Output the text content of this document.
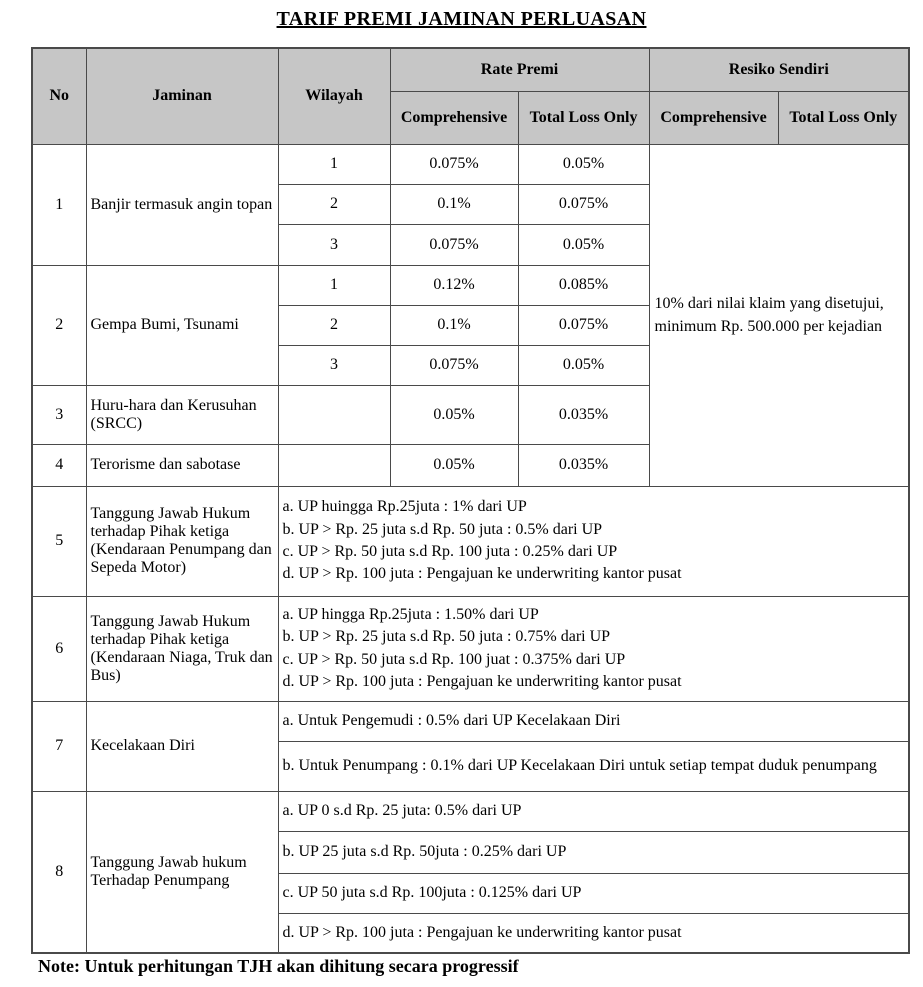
TARIF PREMI JAMINAN PERLUASAN
No	Jaminan	Wilayah	Rate Premi		Resiko Sendiri	
			Comprehensive	Total Loss Only	Comprehensive	Total Loss Only
1	Banjir termasuk angin topan	1	0.075%	0.05%	10% dari nilai klaim yang disetujui, minimum Rp. 500.000 per kejadian	

		2	0.1%	0.075%		
		3	0.075%	0.05%		
2	Gempa Bumi, Tsunami	1	0.12%	0.085%		
		2	0.1%	0.075%		
		3	0.075%	0.05%		
3	Huru-hara dan Kerusuhan (SRCC)		0.05%	0.035%		
4	Terorisme dan sabotase		0.05%	0.035%		
5	Tanggung Jawab Hukum terhadap Pihak ketiga (Kendaraan Penumpang dan Sepeda Motor)	a. UP huingga Rp.25juta : 1% dari UP
b. UP > Rp. 25 juta s.d Rp. 50 juta : 0.5% dari UP
c. UP > Rp. 50 juta s.d Rp. 100 juta : 0.25% dari UP
d. UP > Rp. 100 juta : Pengajuan ke underwriting kantor pusat				

6	Tanggung Jawab Hukum terhadap Pihak ketiga (Kendaraan Niaga, Truk dan Bus)	a. UP hingga Rp.25juta : 1.50% dari UP
b. UP > Rp. 25 juta s.d Rp. 50 juta : 0.75% dari UP
c. UP > Rp. 50 juta s.d Rp. 100 juat : 0.375% dari UP
d. UP > Rp. 100 juta : Pengajuan ke underwriting kantor pusat				

7	Kecelakaan Diri	a. Untuk Pengemudi : 0.5% dari UP Kecelakaan Diri				
		b. Untuk Penumpang : 0.1% dari UP Kecelakaan Diri untuk setiap tempat duduk penumpang				
8	Tanggung Jawab hukum Terhadap Penumpang	a. UP 0 s.d Rp. 25 juta: 0.5% dari UP				
		b. UP 25 juta s.d Rp. 50juta : 0.25% dari UP				
		c. UP 50 juta s.d Rp. 100juta : 0.125% dari UP				
		d. UP > Rp. 100 juta : Pengajuan ke underwriting kantor pusat				
Note: Untuk perhitungan TJH akan dihitung secara progressif
